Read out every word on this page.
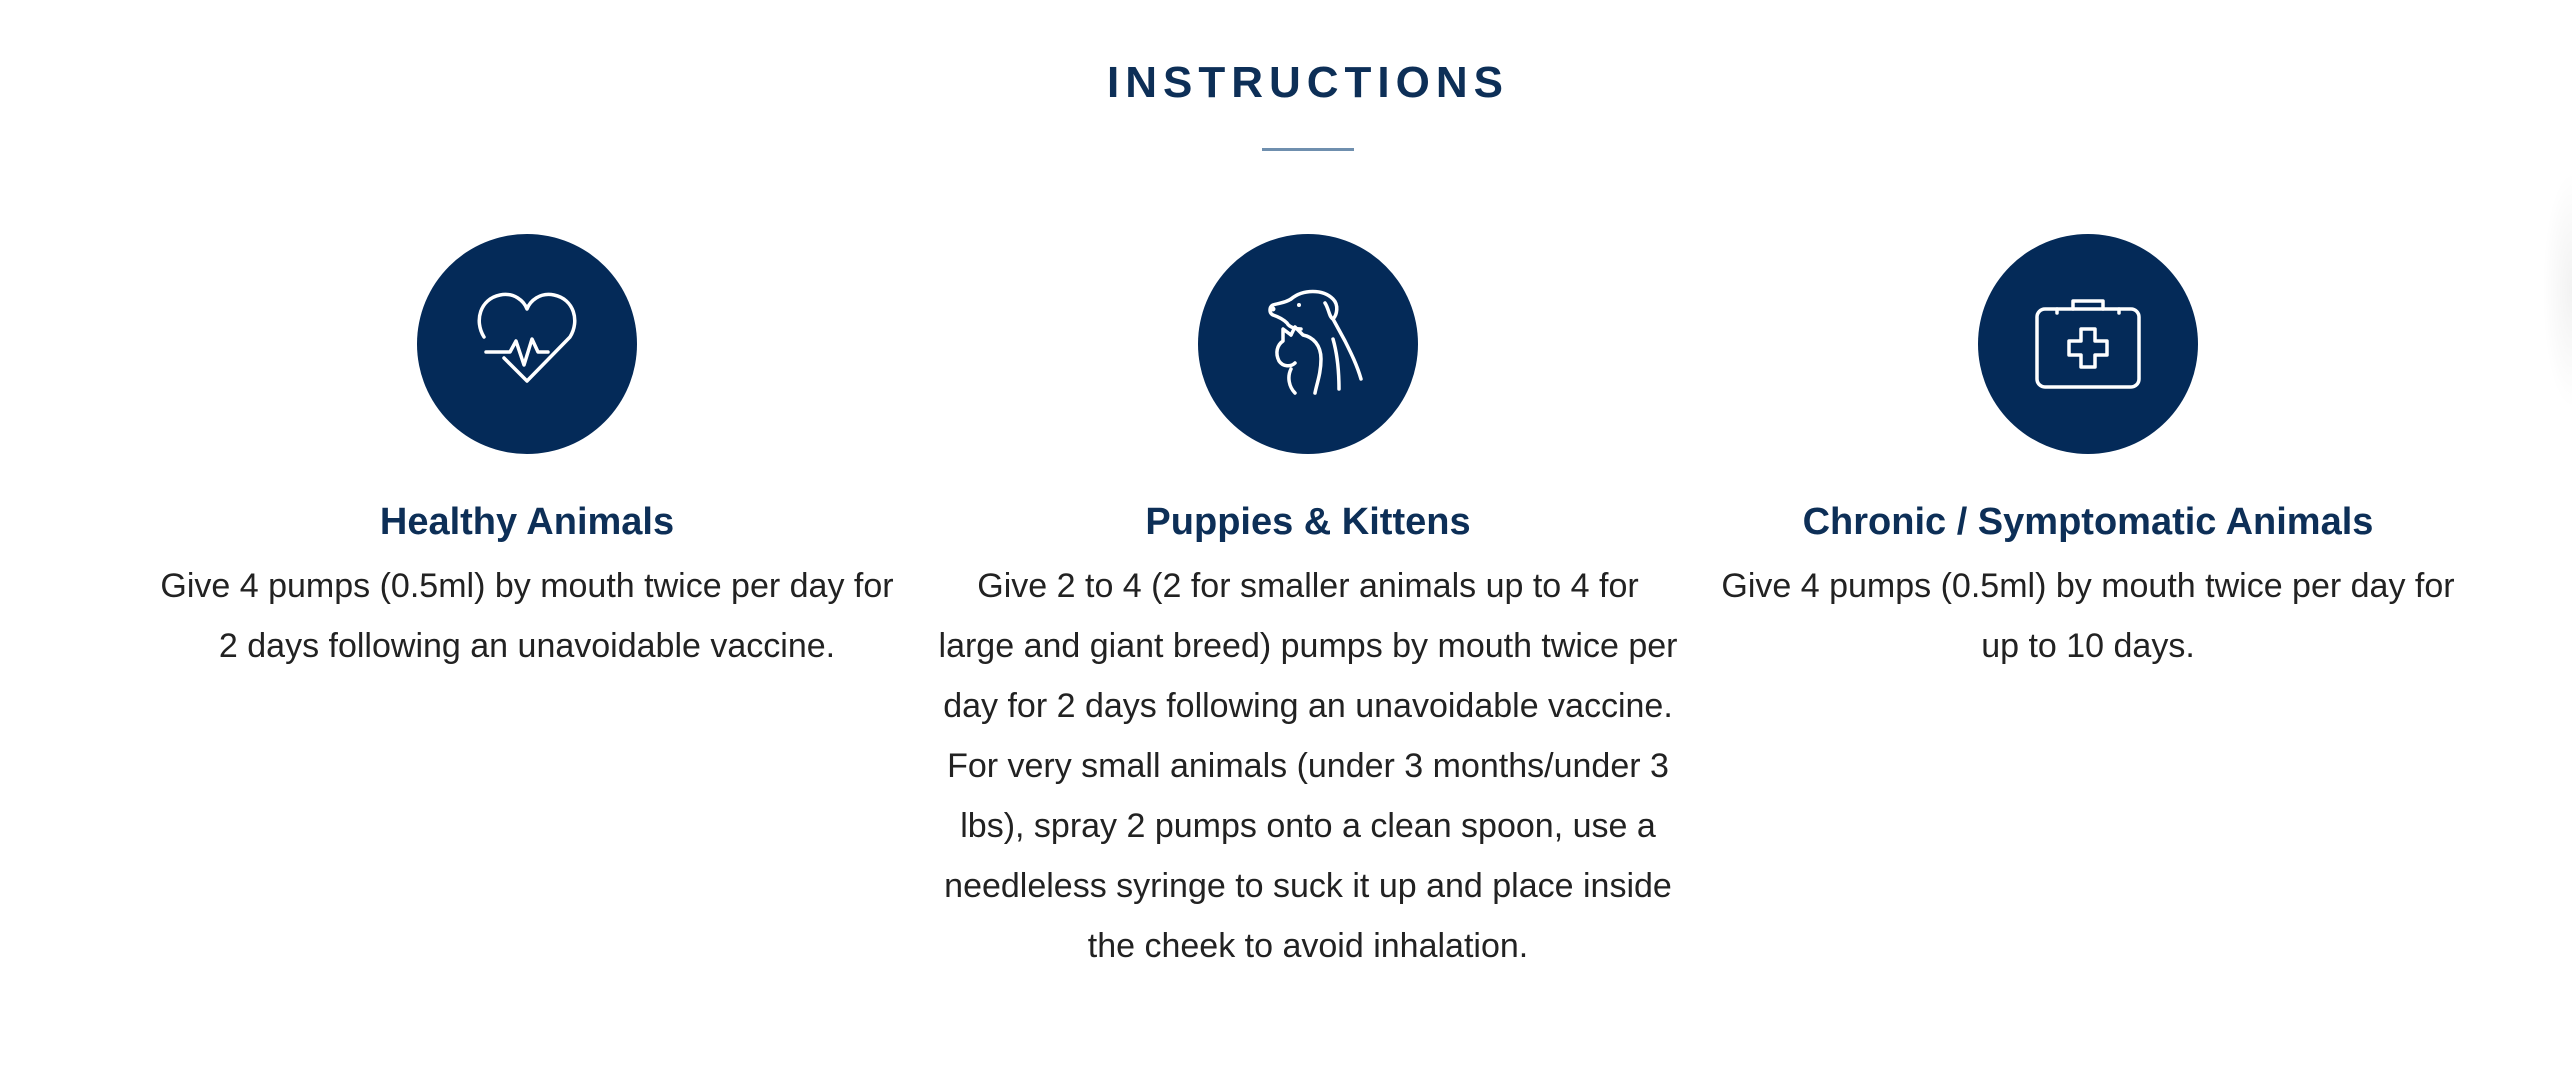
INSTRUCTIONS
Healthy Animals
Give 4 pumps (0.5ml) by mouth twice per day for 2 days following an unavoidable vaccine.
Puppies & Kittens
Give 2 to 4 (2 for smaller animals up to 4 for large and giant breed) pumps by mouth twice per day for 2 days following an unavoidable vaccine. For very small animals (under 3 months/under 3 lbs), spray 2 pumps onto a clean spoon, use a needleless syringe to suck it up and place inside the cheek to avoid inhalation.
Chronic / Symptomatic Animals
Give 4 pumps (0.5ml) by mouth twice per day for up to 10 days.
